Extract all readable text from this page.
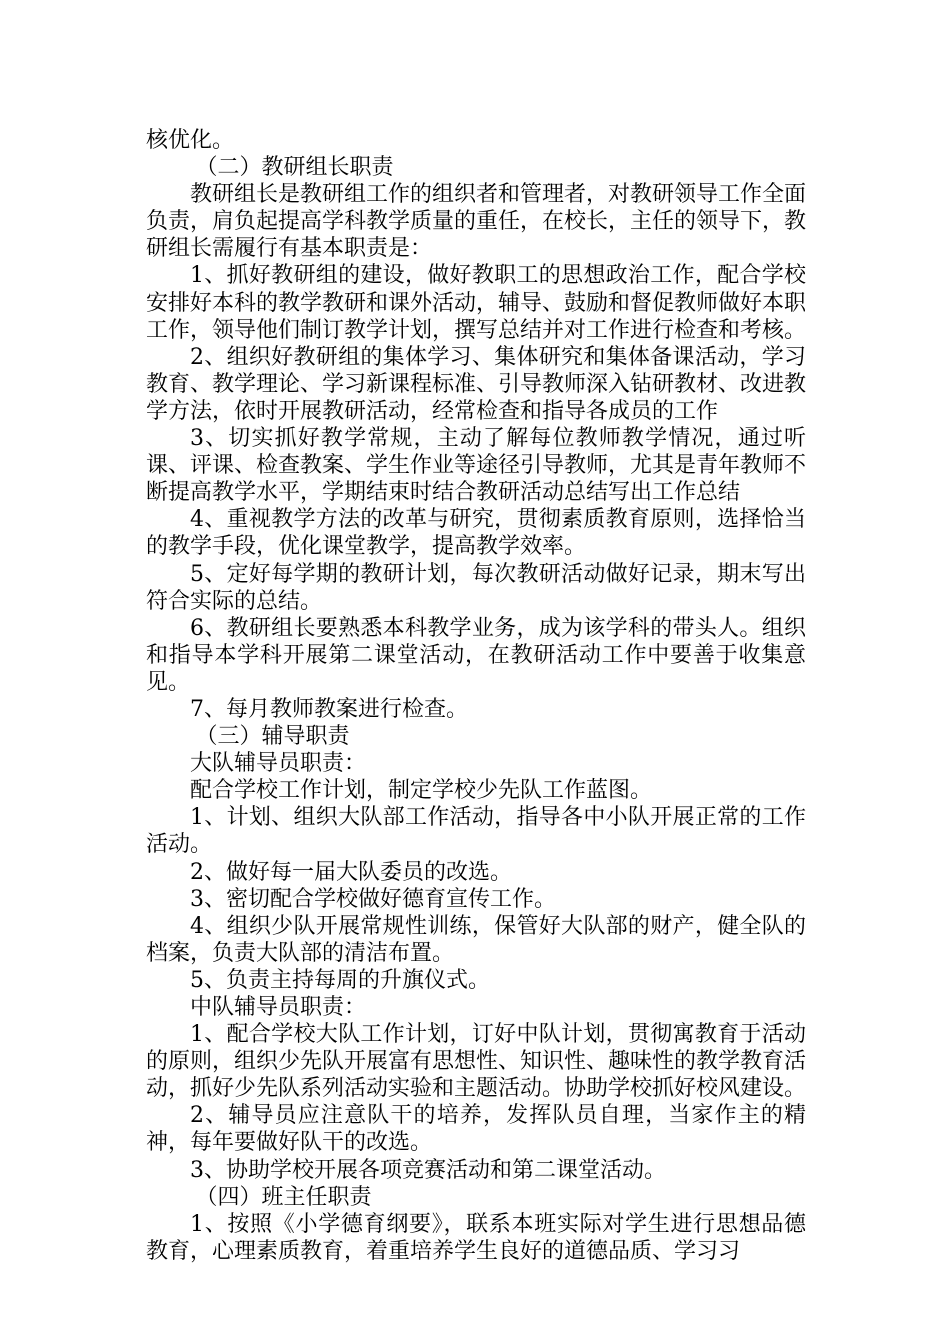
核优化。

（二）教研组长职责

教研组长是教研组工作的组织者和管理者，对教研领导工作全面负责，肩负起提高学科教学质量的重任，在校长，主任的领导下，教研组长需履行有基本职责是：

1、抓好教研组的建设，做好教职工的思想政治工作，配合学校安排好本科的教学教研和课外活动，辅导、鼓励和督促教师做好本职工作，领导他们制订教学计划，撰写总结并对工作进行检查和考核。

2、组织好教研组的集体学习、集体研究和集体备课活动，学习教育、教学理论、学习新课程标准、引导教师深入钻研教材、改进教学方法，依时开展教研活动，经常检查和指导各成员的工作

3、切实抓好教学常规，主动了解每位教师教学情况，通过听课、评课、检查教案、学生作业等途径引导教师，尤其是青年教师不断提高教学水平，学期结束时结合教研活动总结写出工作总结

4、重视教学方法的改革与研究，贯彻素质教育原则，选择恰当的教学手段，优化课堂教学，提高教学效率。

5、定好每学期的教研计划，每次教研活动做好记录，期末写出符合实际的总结。

6、教研组长要熟悉本科教学业务，成为该学科的带头人。组织和指导本学科开展第二课堂活动，在教研活动工作中要善于收集意见。

7、每月教师教案进行检查。

（三）辅导职责

大队辅导员职责：

配合学校工作计划，制定学校少先队工作蓝图。

1、计划、组织大队部工作活动，指导各中小队开展正常的工作活动。

2、做好每一届大队委员的改选。

3、密切配合学校做好德育宣传工作。

4、组织少队开展常规性训练，保管好大队部的财产，健全队的档案，负责大队部的清洁布置。

5、负责主持每周的升旗仪式。

中队辅导员职责：

1、配合学校大队工作计划，订好中队计划，贯彻寓教育于活动的原则，组织少先队开展富有思想性、知识性、趣味性的教学教育活动，抓好少先队系列活动实验和主题活动。协助学校抓好校风建设。

2、辅导员应注意队干的培养，发挥队员自理，当家作主的精神，每年要做好队干的改选。

3、协助学校开展各项竞赛活动和第二课堂活动。

（四）班主任职责

1、按照《小学德育纲要》，联系本班实际对学生进行思想品德教育，心理素质教育，着重培养学生良好的道德品质、学习习
